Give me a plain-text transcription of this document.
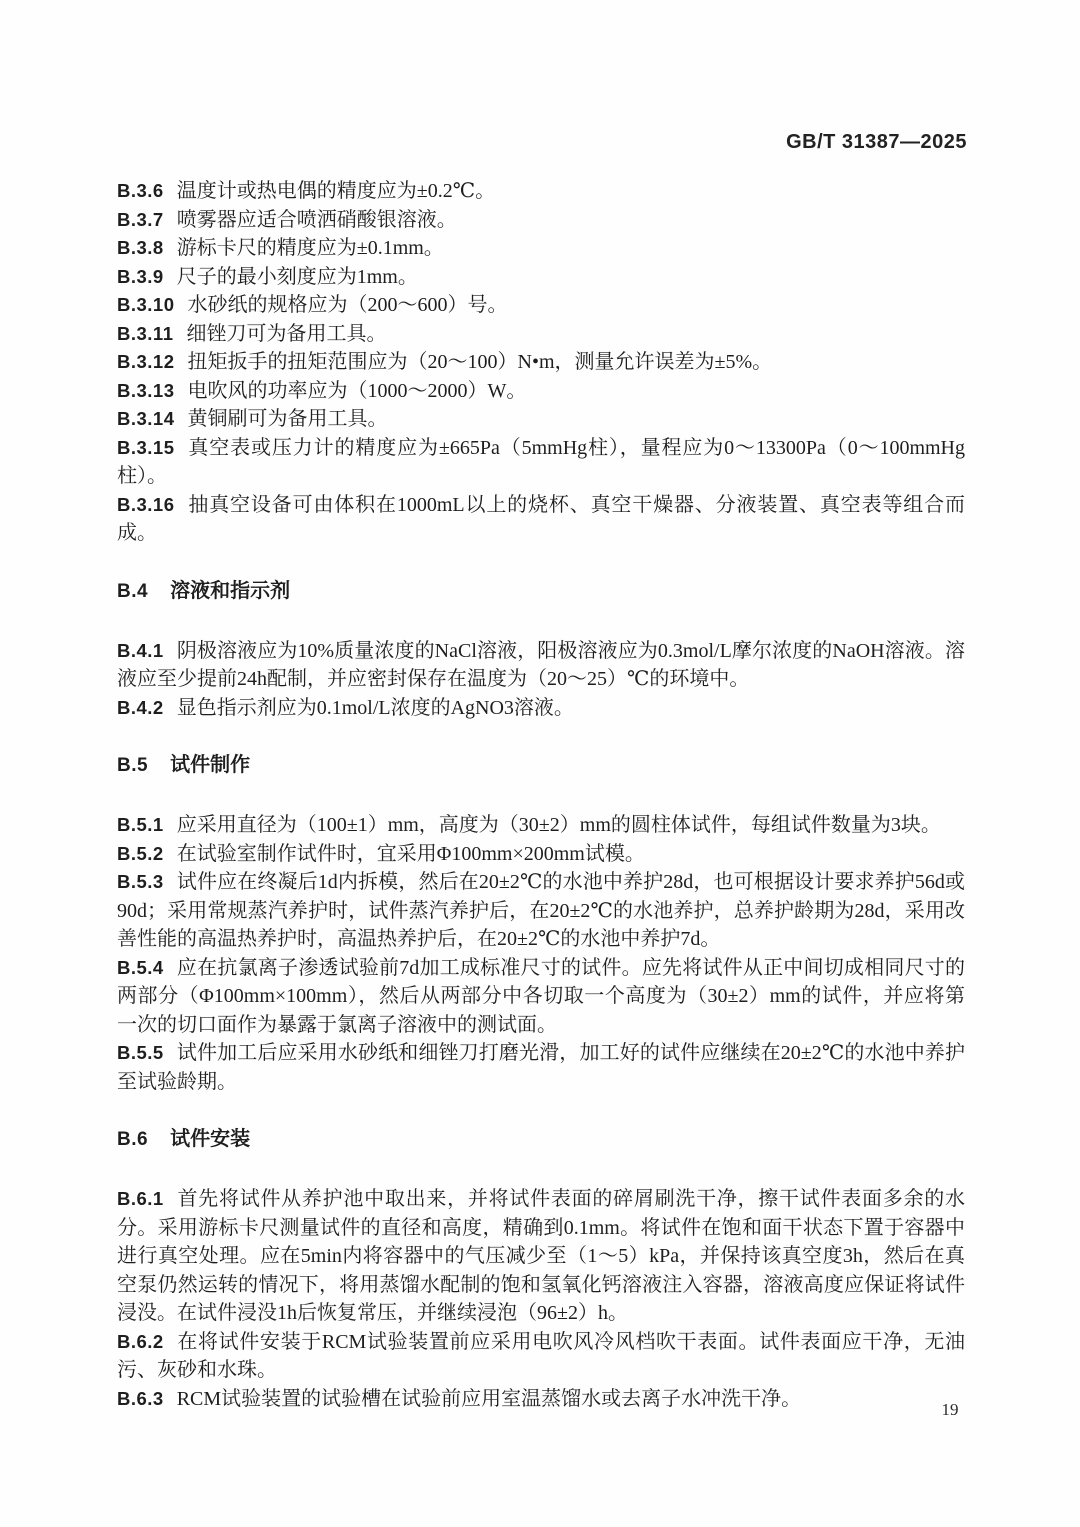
GB/T 31387—2025

B.3.6 温度计或热电偶的精度应为±0.2℃。

B.3.7 喷雾器应适合喷洒硝酸银溶液。

B.3.8 游标卡尺的精度应为±0.1mm。

B.3.9 尺子的最小刻度应为1mm。

B.3.10 水砂纸的规格应为（200～600）号。

B.3.11 细锉刀可为备用工具。

B.3.12 扭矩扳手的扭矩范围应为（20～100）N•m，测量允许误差为±5%。

B.3.13 电吹风的功率应为（1000～2000）W。

B.3.14 黄铜刷可为备用工具。

B.3.15 真空表或压力计的精度应为±665Pa（5mmHg柱），量程应为0～13300Pa（0～100mmHg柱）。

B.3.16 抽真空设备可由体积在1000mL以上的烧杯、真空干燥器、分液装置、真空表等组合而成。

B.4 溶液和指示剂

B.4.1 阴极溶液应为10%质量浓度的NaCl溶液，阳极溶液应为0.3mol/L摩尔浓度的NaOH溶液。溶液应至少提前24h配制，并应密封保存在温度为（20～25）℃的环境中。

B.4.2 显色指示剂应为0.1mol/L浓度的AgNO3溶液。

B.5 试件制作

B.5.1 应采用直径为（100±1）mm，高度为（30±2）mm的圆柱体试件，每组试件数量为3块。

B.5.2 在试验室制作试件时，宜采用Φ100mm×200mm试模。

B.5.3 试件应在终凝后1d内拆模，然后在20±2℃的水池中养护28d，也可根据设计要求养护56d或90d；采用常规蒸汽养护时，试件蒸汽养护后，在20±2℃的水池养护，总养护龄期为28d，采用改善性能的高温热养护时，高温热养护后，在20±2℃的水池中养护7d。

B.5.4 应在抗氯离子渗透试验前7d加工成标准尺寸的试件。应先将试件从正中间切成相同尺寸的两部分（Φ100mm×100mm），然后从两部分中各切取一个高度为（30±2）mm的试件，并应将第一次的切口面作为暴露于氯离子溶液中的测试面。

B.5.5 试件加工后应采用水砂纸和细锉刀打磨光滑，加工好的试件应继续在20±2℃的水池中养护至试验龄期。

B.6 试件安装

B.6.1 首先将试件从养护池中取出来，并将试件表面的碎屑刷洗干净，擦干试件表面多余的水分。采用游标卡尺测量试件的直径和高度，精确到0.1mm。将试件在饱和面干状态下置于容器中进行真空处理。应在5min内将容器中的气压减少至（1～5）kPa，并保持该真空度3h，然后在真空泵仍然运转的情况下，将用蒸馏水配制的饱和氢氧化钙溶液注入容器，溶液高度应保证将试件浸没。在试件浸没1h后恢复常压，并继续浸泡（96±2）h。

B.6.2 在将试件安装于RCM试验装置前应采用电吹风冷风档吹干表面。试件表面应干净，无油污、灰砂和水珠。

B.6.3 RCM试验装置的试验槽在试验前应用室温蒸馏水或去离子水冲洗干净。	19
